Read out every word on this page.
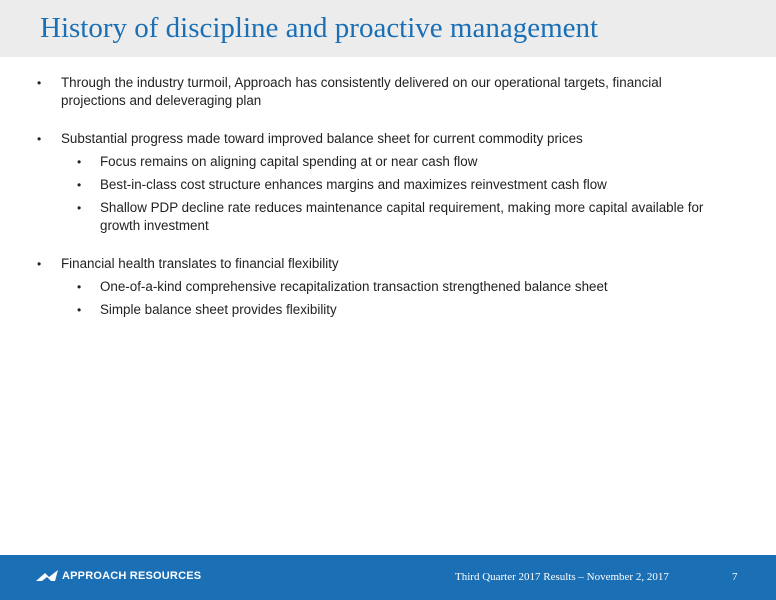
History of discipline and proactive management
• Through the industry turmoil, Approach has consistently delivered on our operational targets, financial projections and deleveraging plan
• Substantial progress made toward improved balance sheet for current commodity prices
• Focus remains on aligning capital spending at or near cash flow
• Best-in-class cost structure enhances margins and maximizes reinvestment cash flow
• Shallow PDP decline rate reduces maintenance capital requirement, making more capital available for growth investment
• Financial health translates to financial flexibility
• One-of-a-kind comprehensive recapitalization transaction strengthened balance sheet
• Simple balance sheet provides flexibility
APPROACH RESOURCES	Third Quarter 2017 Results – November 2, 2017	7
